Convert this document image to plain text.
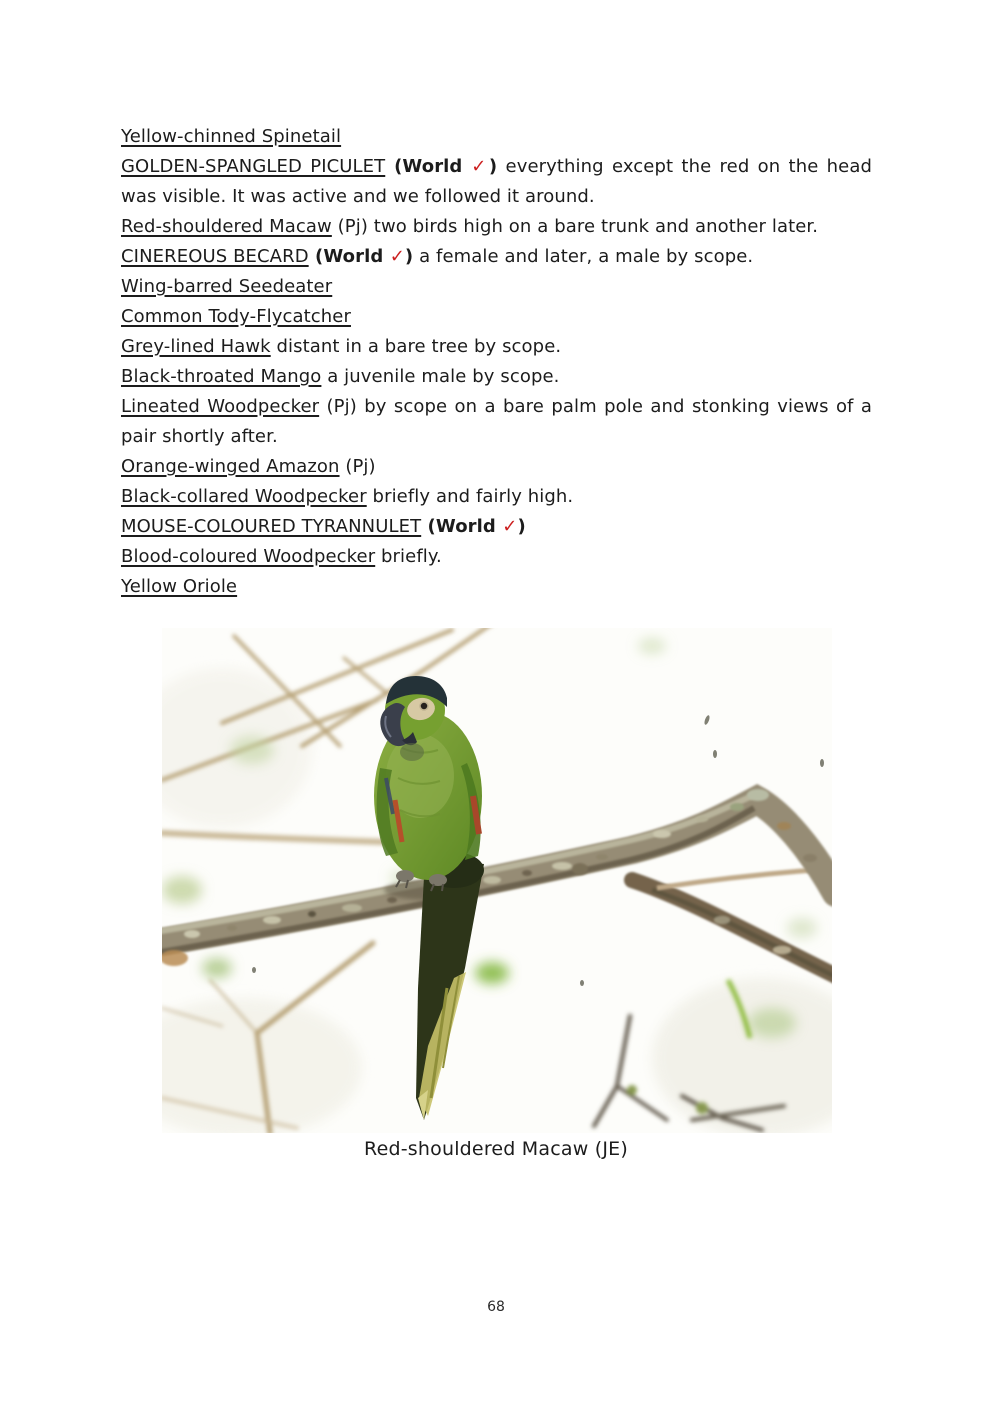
Yellow-chinned Spinetail
GOLDEN-SPANGLED PICULET (World ✓) everything except the red on the head
was visible. It was active and we followed it around.
Red-shouldered Macaw (Pj) two birds high on a bare trunk and another later.
CINEREOUS BECARD (World ✓) a female and later, a male by scope.
Wing-barred Seedeater
Common Tody-Flycatcher
Grey-lined Hawk distant in a bare tree by scope.
Black-throated Mango a juvenile male by scope.
Lineated Woodpecker (Pj) by scope on a bare palm pole and stonking views of a
pair shortly after.
Orange-winged Amazon (Pj)
Black-collared Woodpecker briefly and fairly high.
MOUSE-COLOURED TYRANNULET (World ✓)
Blood-coloured Woodpecker briefly.
Yellow Oriole
Red-shouldered Macaw (JE)
68
